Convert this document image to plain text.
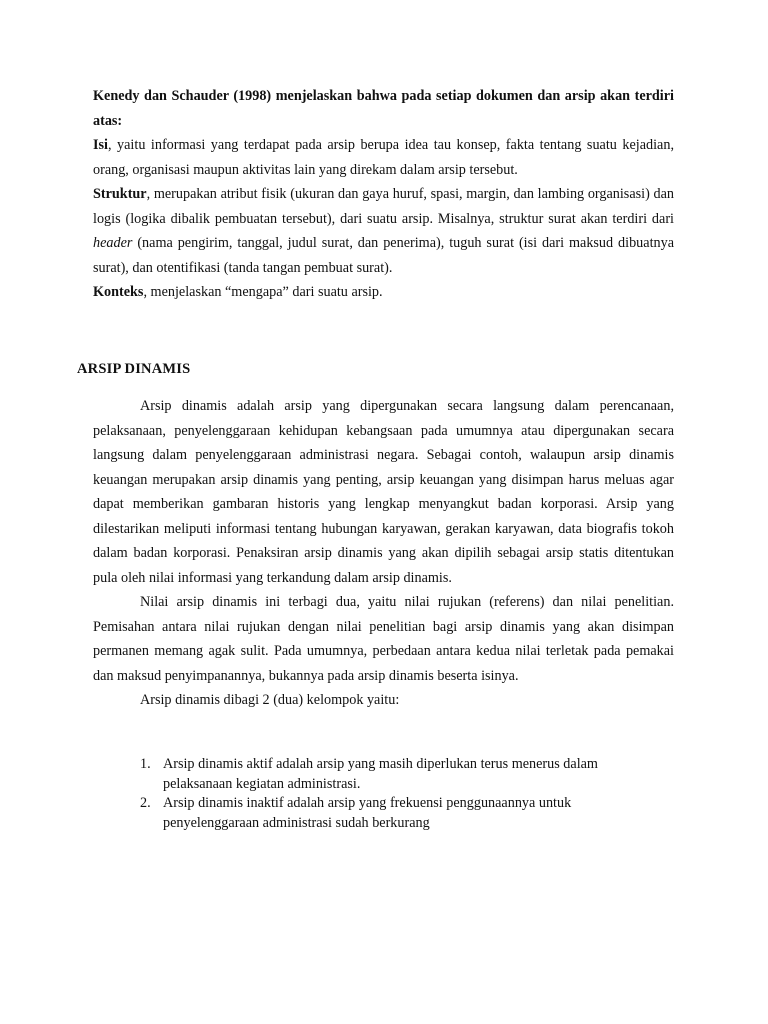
Kenedy dan Schauder (1998) menjelaskan bahwa pada setiap dokumen dan arsip akan terdiri atas:

Isi, yaitu informasi yang terdapat pada arsip berupa idea tau konsep, fakta tentang suatu kejadian, orang, organisasi maupun aktivitas lain yang direkam dalam arsip tersebut.

Struktur, merupakan atribut fisik (ukuran dan gaya huruf, spasi, margin, dan lambing organisasi) dan logis (logika dibalik pembuatan tersebut), dari suatu arsip. Misalnya, struktur surat akan terdiri dari header (nama pengirim, tanggal, judul surat, dan penerima), tuguh surat (isi dari maksud dibuatnya surat), dan otentifikasi (tanda tangan pembuat surat).

Konteks, menjelaskan “mengapa” dari suatu arsip.

ARSIP DINAMIS

Arsip dinamis adalah arsip yang dipergunakan secara langsung dalam perencanaan, pelaksanaan, penyelenggaraan kehidupan kebangsaan pada umumnya atau dipergunakan secara langsung dalam penyelenggaraan administrasi negara. Sebagai contoh, walaupun arsip dinamis keuangan merupakan arsip dinamis yang penting, arsip keuangan yang disimpan harus meluas agar dapat memberikan gambaran historis yang lengkap menyangkut badan korporasi. Arsip yang dilestarikan meliputi informasi tentang hubungan karyawan, gerakan karyawan, data biografis tokoh dalam badan korporasi. Penaksiran arsip dinamis yang akan dipilih sebagai arsip statis ditentukan pula oleh nilai informasi yang terkandung dalam arsip dinamis.

Nilai arsip dinamis ini terbagi dua, yaitu nilai rujukan (referens) dan nilai penelitian. Pemisahan antara nilai rujukan dengan nilai penelitian bagi arsip dinamis yang akan disimpan permanen memang agak sulit. Pada umumnya, perbedaan antara kedua nilai terletak pada pemakai dan maksud penyimpanannya, bukannya pada arsip dinamis beserta isinya.

Arsip dinamis dibagi 2 (dua) kelompok yaitu:

1. Arsip dinamis aktif adalah arsip yang masih diperlukan terus menerus dalam pelaksanaan kegiatan administrasi.
2. Arsip dinamis inaktif adalah arsip yang frekuensi penggunaannya untuk penyelenggaraan administrasi sudah berkurang
